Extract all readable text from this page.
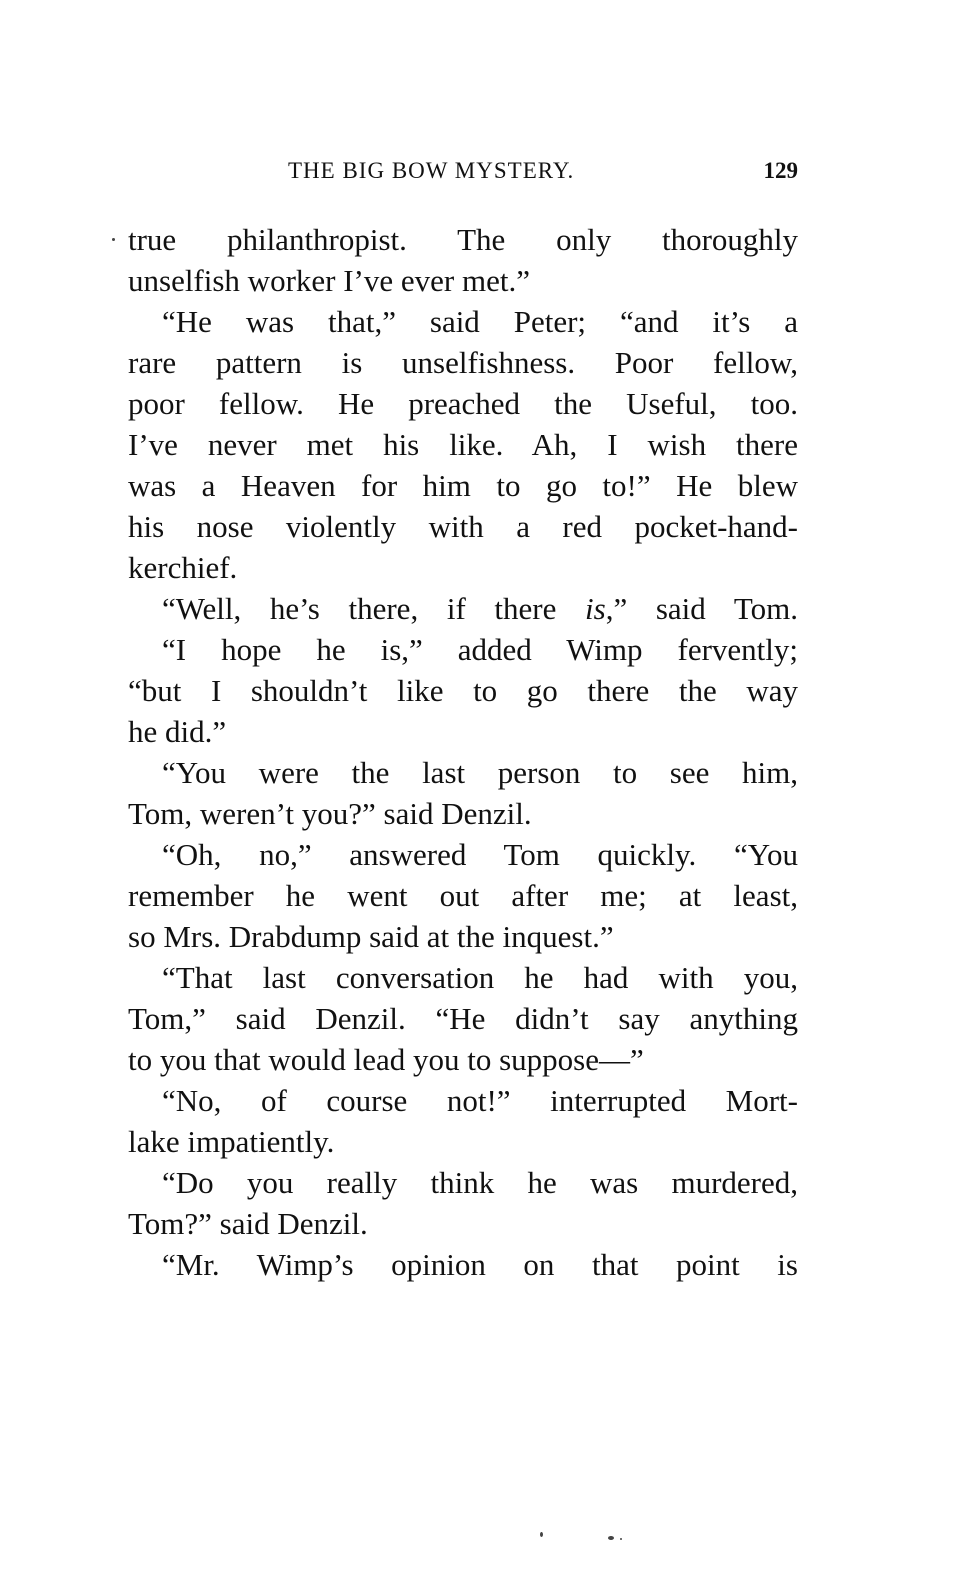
THE BIG BOW MYSTERY.	129
true philanthropist. The only thoroughly
unselfish worker I’ve ever met.”
“He was that,” said Peter; “and it’s a
rare pattern is unselfishness. Poor fellow,
poor fellow. He preached the Useful, too.
I’ve never met his like. Ah, I wish there
was a Heaven for him to go to!” He blew
his nose violently with a red pocket-hand-
kerchief.
“Well, he’s there, if there is,” said Tom.
“I hope he is,” added Wimp fervently;
“but I shouldn’t like to go there the way
he did.”
“You were the last person to see him,
Tom, weren’t you?” said Denzil.
“Oh, no,” answered Tom quickly. “You
remember he went out after me; at least,
so Mrs. Drabdump said at the inquest.”
“That last conversation he had with you,
Tom,” said Denzil. “He didn’t say anything
to you that would lead you to suppose—”
“No, of course not!” interrupted Mort-
lake impatiently.
“Do you really think he was murdered,
Tom?” said Denzil.
“Mr. Wimp’s opinion on that point is
